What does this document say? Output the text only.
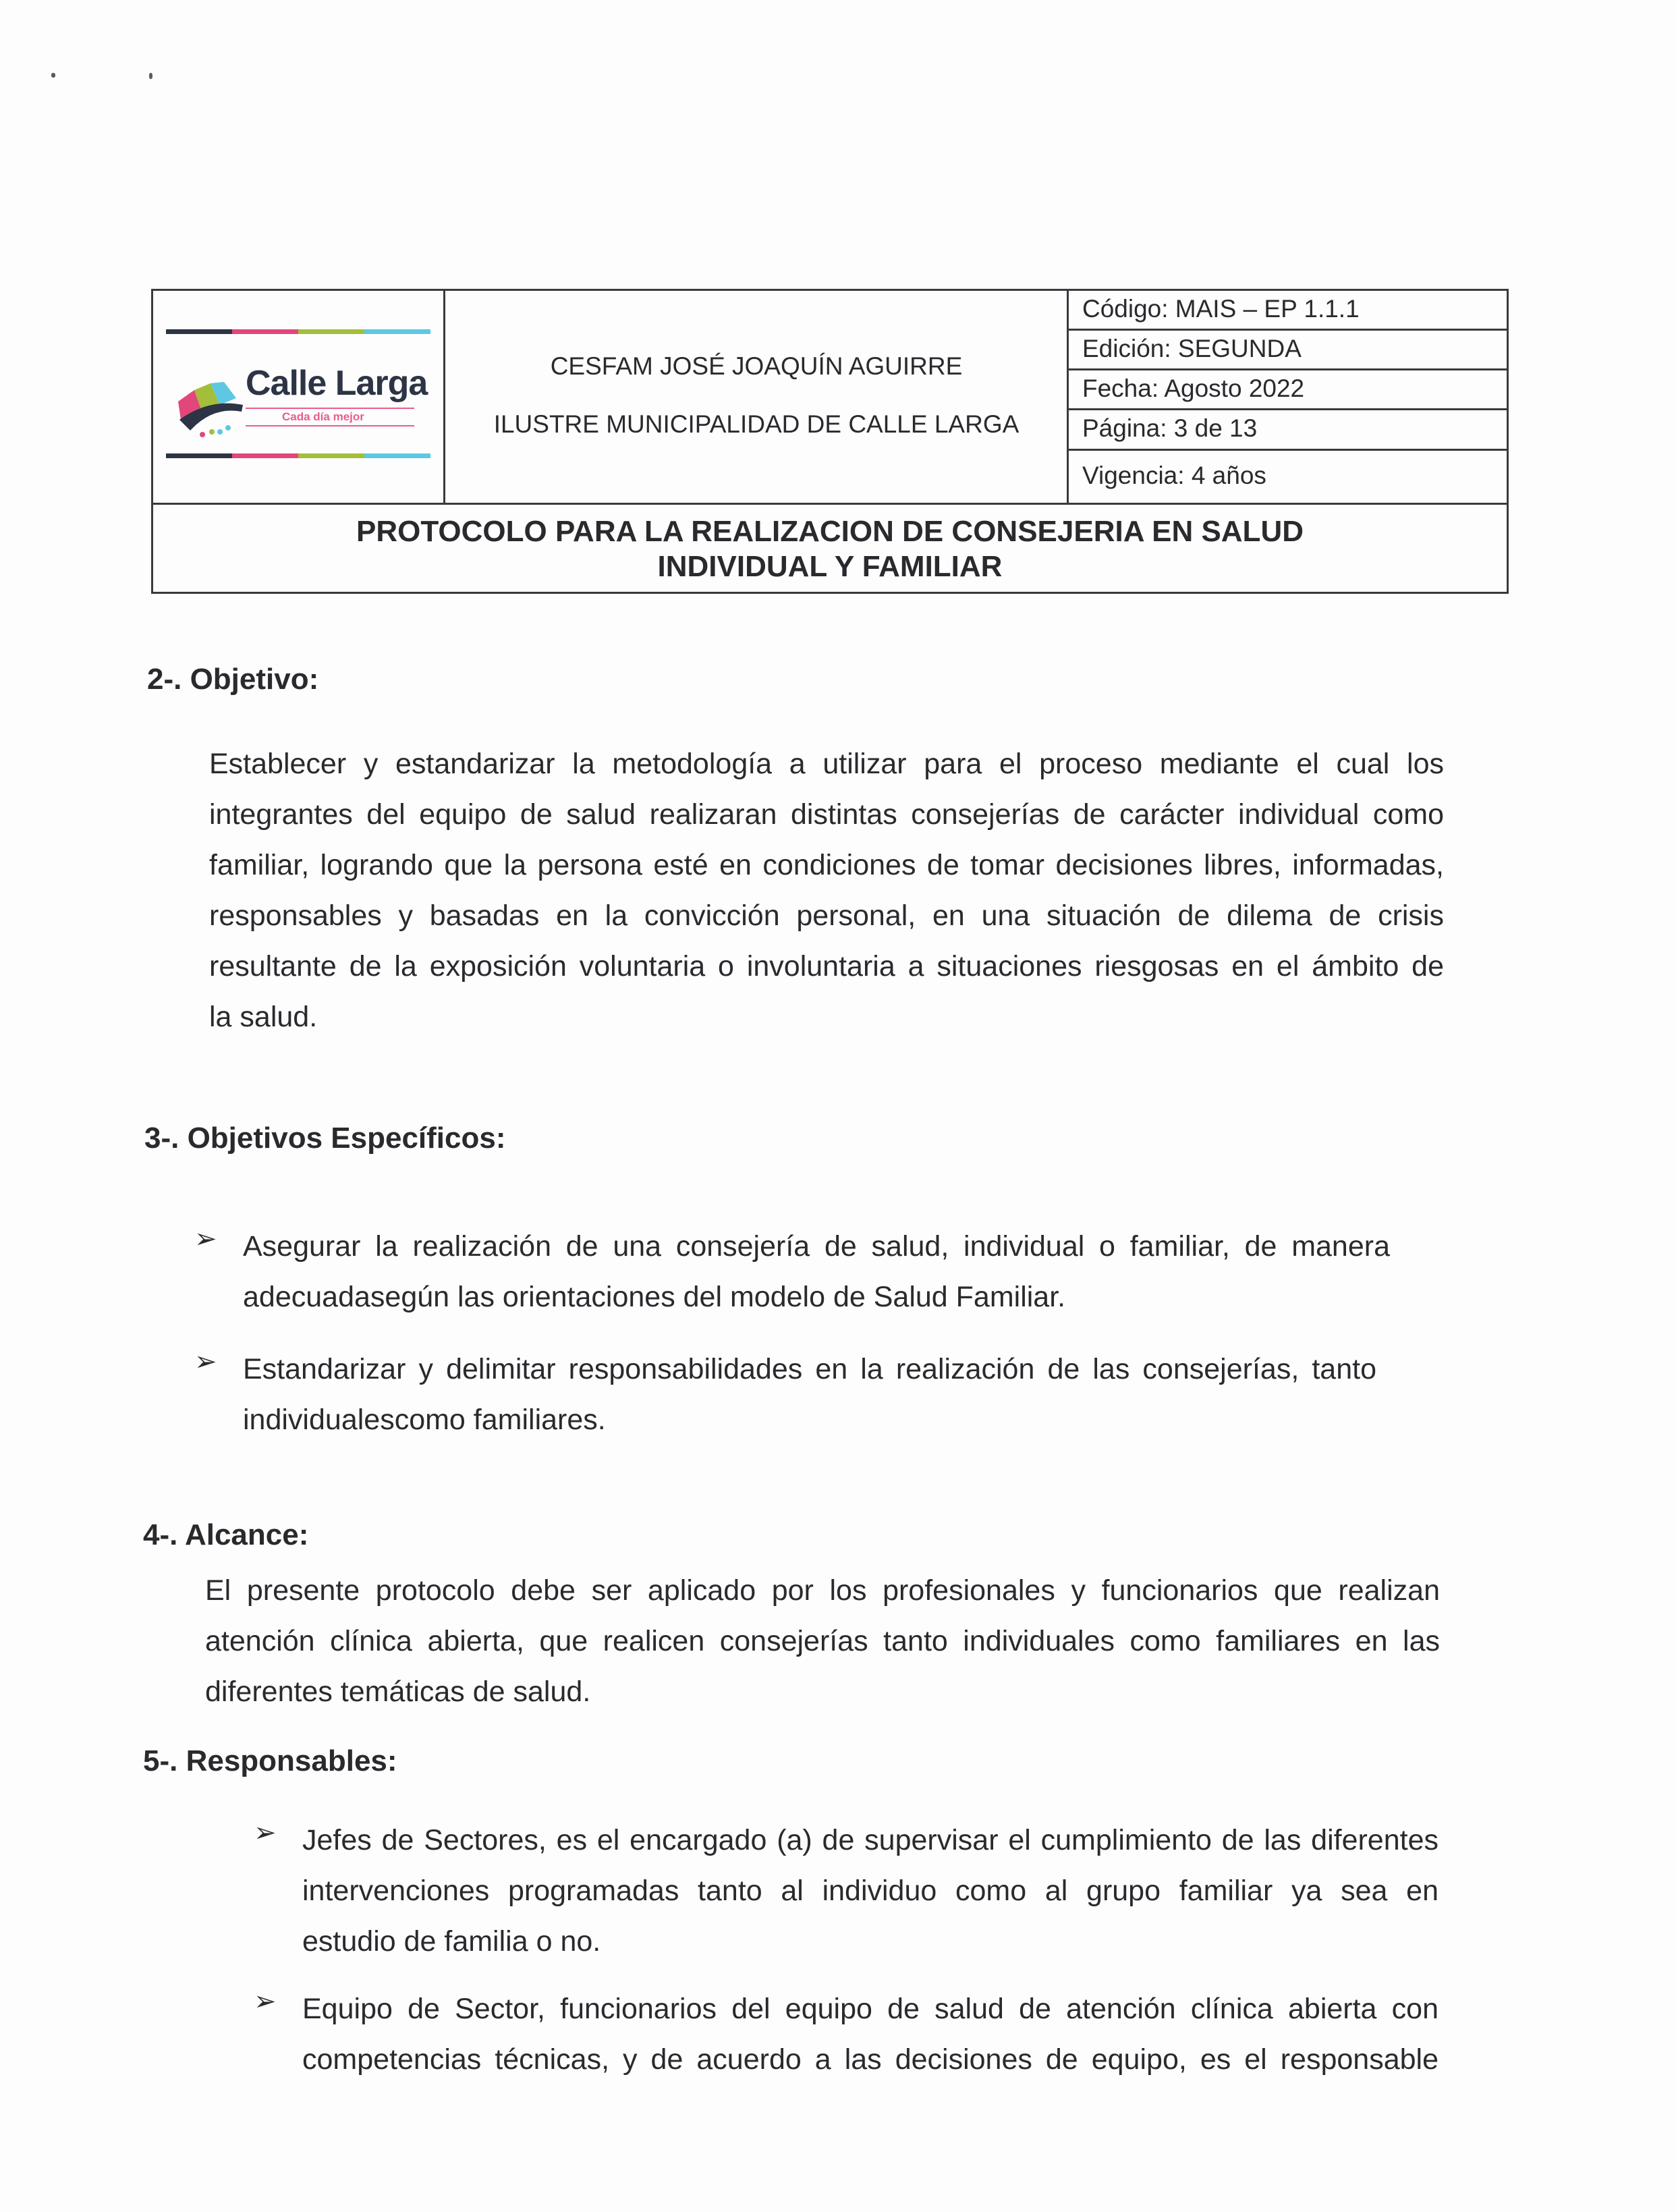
Calle Larga
Cada día mejor
CESFAM JOSÉ JOAQUÍN AGUIRRE
ILUSTRE MUNICIPALIDAD DE CALLE LARGA
Código: MAIS – EP 1.1.1
Edición: SEGUNDA
Fecha: Agosto 2022
Página: 3 de 13
Vigencia: 4 años
PROTOCOLO PARA LA REALIZACION DE CONSEJERIA EN SALUD
INDIVIDUAL Y FAMILIAR
2-. Objetivo:
Establecer y estandarizar la metodología a utilizar para el proceso mediante el cual los
integrantes del equipo de salud realizaran distintas consejerías de carácter individual como
familiar, logrando que la persona esté en condiciones de tomar decisiones libres, informadas,
responsables y basadas en la convicción personal, en una situación de dilema de crisis
resultante de la exposición voluntaria o involuntaria a situaciones riesgosas en el ámbito de
la salud.
3-. Objetivos Específicos:
➢ Asegurar la realización de una consejería de salud, individual o familiar, de manera
adecuadasegún las orientaciones del modelo de Salud Familiar.
➢ Estandarizar y delimitar responsabilidades en la realización de las consejerías, tanto
individualescomo familiares.
4-. Alcance:
El presente protocolo debe ser aplicado por los profesionales y funcionarios que realizan
atención clínica abierta, que realicen consejerías tanto individuales como familiares en las
diferentes temáticas de salud.
5-. Responsables:
➢ Jefes de Sectores, es el encargado (a) de supervisar el cumplimiento de las diferentes
intervenciones programadas tanto al individuo como al grupo familiar ya sea en
estudio de familia o no.
➢ Equipo de Sector, funcionarios del equipo de salud de atención clínica abierta con
competencias técnicas, y de acuerdo a las decisiones de equipo, es el responsable
